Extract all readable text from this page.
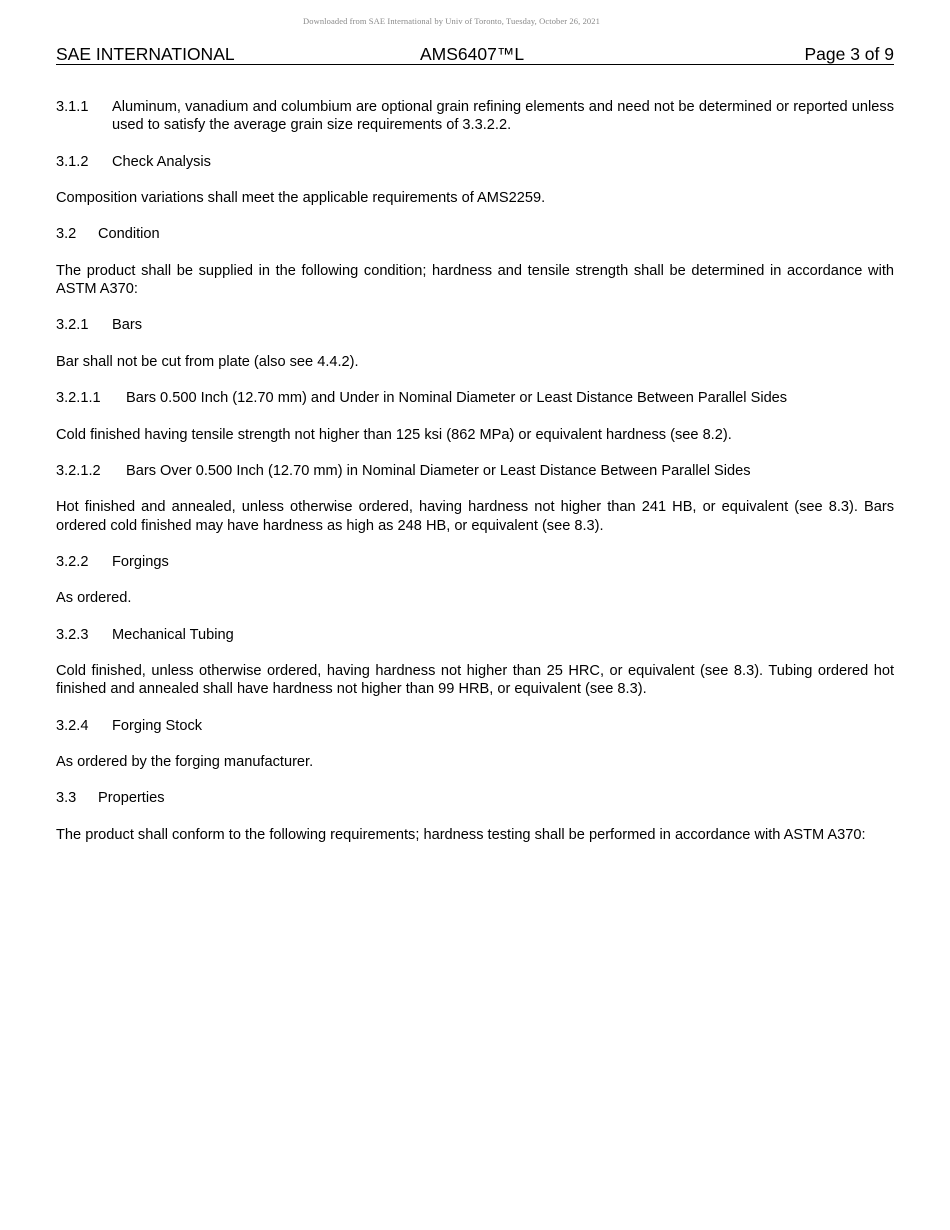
Downloaded from SAE International by Univ of Toronto, Tuesday, October 26, 2021
SAE INTERNATIONAL	AMS6407™L	Page 3 of 9
3.1.1 Aluminum, vanadium and columbium are optional grain refining elements and need not be determined or reported unless used to satisfy the average grain size requirements of 3.3.2.2.
3.1.2 Check Analysis
Composition variations shall meet the applicable requirements of AMS2259.
3.2 Condition
The product shall be supplied in the following condition; hardness and tensile strength shall be determined in accordance with ASTM A370:
3.2.1 Bars
Bar shall not be cut from plate (also see 4.4.2).
3.2.1.1 Bars 0.500 Inch (12.70 mm) and Under in Nominal Diameter or Least Distance Between Parallel Sides
Cold finished having tensile strength not higher than 125 ksi (862 MPa) or equivalent hardness (see 8.2).
3.2.1.2 Bars Over 0.500 Inch (12.70 mm) in Nominal Diameter or Least Distance Between Parallel Sides
Hot finished and annealed, unless otherwise ordered, having hardness not higher than 241 HB, or equivalent (see 8.3). Bars ordered cold finished may have hardness as high as 248 HB, or equivalent (see 8.3).
3.2.2 Forgings
As ordered.
3.2.3 Mechanical Tubing
Cold finished, unless otherwise ordered, having hardness not higher than 25 HRC, or equivalent (see 8.3). Tubing ordered hot finished and annealed shall have hardness not higher than 99 HRB, or equivalent (see 8.3).
3.2.4 Forging Stock
As ordered by the forging manufacturer.
3.3 Properties
The product shall conform to the following requirements; hardness testing shall be performed in accordance with ASTM A370:
